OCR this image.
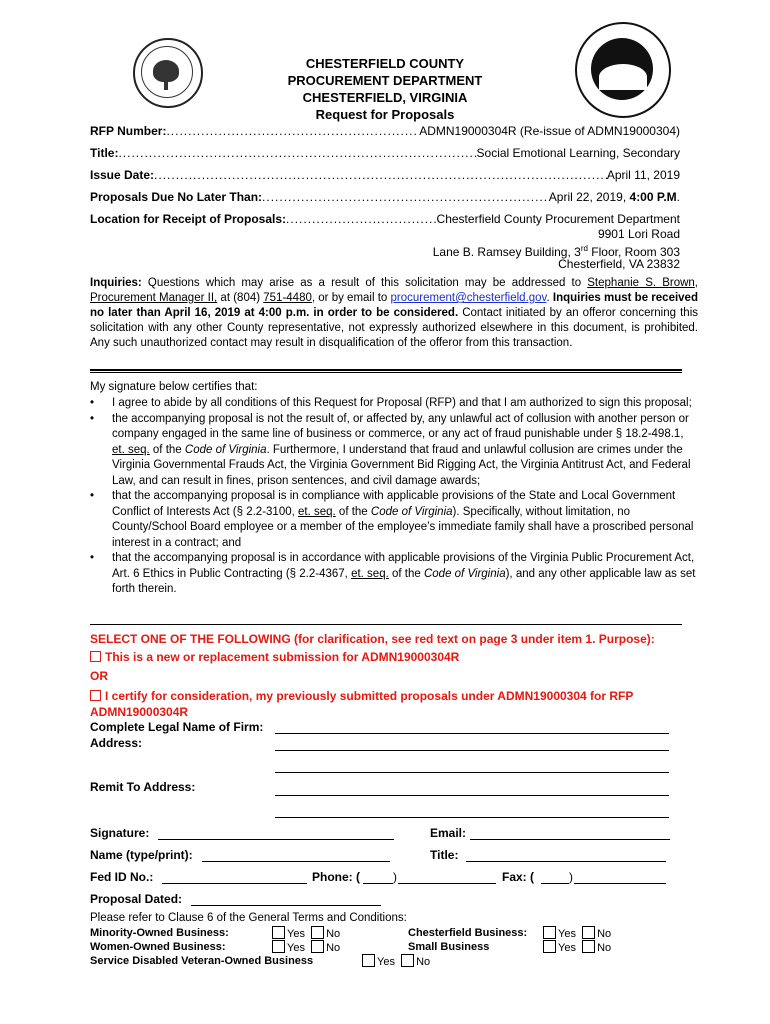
CHESTERFIELD COUNTY
PROCUREMENT DEPARTMENT
CHESTERFIELD, VIRGINIA
Request for Proposals
RFP Number: .....	ADMN19000304R (Re-issue of ADMN19000304)
Title: .....	Social Emotional Learning, Secondary
Issue Date: .....	April 11, 2019
Proposals Due No Later Than: .....	April 22, 2019, 4:00 P.M.
Location for Receipt of Proposals: .....	Chesterfield County Procurement Department
9901 Lori Road
Lane B. Ramsey Building, 3rd Floor, Room 303
Chesterfield, VA 23832
Inquiries: Questions which may arise as a result of this solicitation may be addressed to Stephanie S. Brown, Procurement Manager II, at (804) 751-4480, or by email to procurement@chesterfield.gov. Inquiries must be received no later than April 16, 2019 at 4:00 p.m. in order to be considered. Contact initiated by an offeror concerning this solicitation with any other County representative, not expressly authorized elsewhere in this document, is prohibited. Any such unauthorized contact may result in disqualification of the offeror from this transaction.
My signature below certifies that:
• I agree to abide by all conditions of this Request for Proposal (RFP) and that I am authorized to sign this proposal;
• the accompanying proposal is not the result of, or affected by, any unlawful act of collusion with another person or company engaged in the same line of business or commerce, or any act of fraud punishable under § 18.2-498.1, et. seq. of the Code of Virginia. Furthermore, I understand that fraud and unlawful collusion are crimes under the Virginia Governmental Frauds Act, the Virginia Government Bid Rigging Act, the Virginia Antitrust Act, and Federal Law, and can result in fines, prison sentences, and civil damage awards;
• that the accompanying proposal is in compliance with applicable provisions of the State and Local Government Conflict of Interests Act (§ 2.2-3100, et. seq. of the Code of Virginia). Specifically, without limitation, no County/School Board employee or a member of the employee’s immediate family shall have a proscribed personal interest in a contract; and
• that the accompanying proposal is in accordance with applicable provisions of the Virginia Public Procurement Act, Art. 6 Ethics in Public Contracting (§ 2.2-4367, et. seq. of the Code of Virginia), and any other applicable law as set forth therein.
SELECT ONE OF THE FOLLOWING (for clarification, see red text on page 3 under item 1. Purpose):
This is a new or replacement submission for ADMN19000304R
OR
I certify for consideration, my previously submitted proposals under ADMN19000304 for RFP ADMN19000304R
Complete Legal Name of Firm:
Address:
Remit To Address:
Signature:	Email:
Name (type/print):	Title:
Fed ID No.:	Phone: (	)	Fax: (	)
Proposal Dated:
Please refer to Clause 6 of the General Terms and Conditions:
Minority-Owned Business:	Yes No	Chesterfield Business:	Yes No
Women-Owned Business:	Yes No	Small Business	Yes No
Service Disabled Veteran-Owned Business	Yes No
